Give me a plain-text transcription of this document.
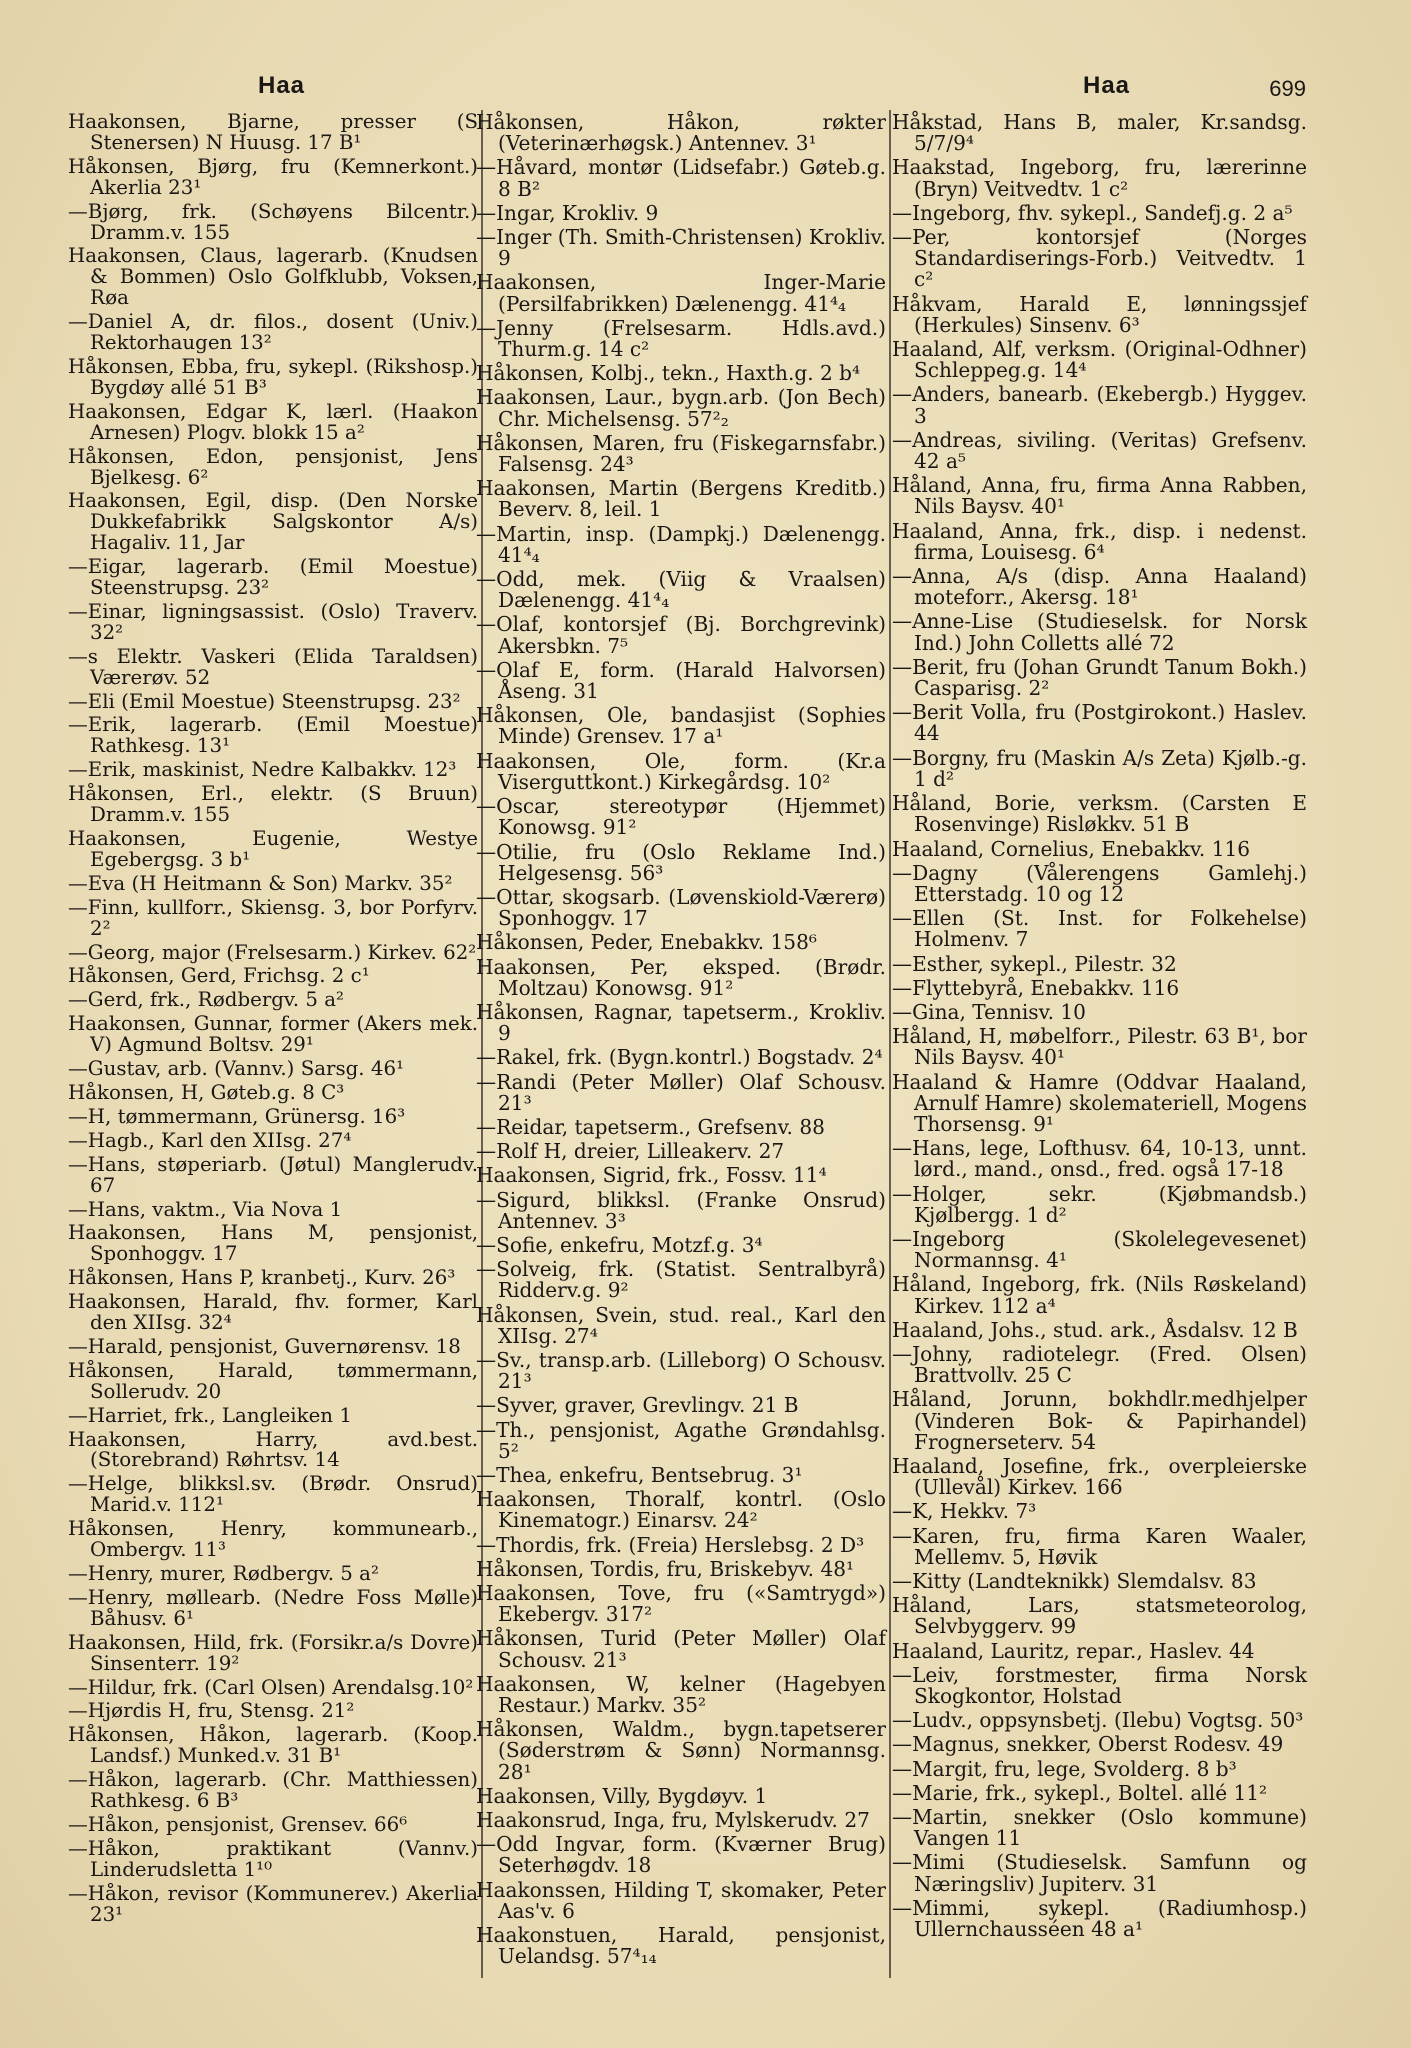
Haa	Haa	699
Haakonsen, Bjarne, presser (S Stenersen) N Huusg. 17 B¹
Håkonsen, Bjørg, fru (Kemnerkont.) Akerlia 23¹
—Bjørg, frk. (Schøyens Bilcentr.) Dramm.v. 155
Haakonsen, Claus, lagerarb. (Knudsen & Bommen) Oslo Golfklubb, Voksen, Røa
—Daniel A, dr. filos., dosent (Univ.) Rektorhaugen 13²
Håkonsen, Ebba, fru, sykepl. (Rikshosp.) Bygdøy allé 51 B³
Haakonsen, Edgar K, lærl. (Haakon Arnesen) Plogv. blokk 15 a²
Håkonsen, Edon, pensjonist, Jens Bjelkesg. 6²
Haakonsen, Egil, disp. (Den Norske Dukkefabrikk Salgskontor A/s) Hagaliv. 11, Jar
—Eigar, lagerarb. (Emil Moestue) Steenstrupsg. 23²
—Einar, ligningsassist. (Oslo) Traverv. 32²
—s Elektr. Vaskeri (Elida Taraldsen) Værerøv. 52
—Eli (Emil Moestue) Steenstrupsg. 23²
—Erik, lagerarb. (Emil Moestue) Rathkesg. 13¹
—Erik, maskinist, Nedre Kalbakkv. 12³
Håkonsen, Erl., elektr. (S Bruun) Dramm.v. 155
Haakonsen, Eugenie, Westye Egebergsg. 3 b¹
—Eva (H Heitmann & Son) Markv. 35²
—Finn, kullforr., Skiensg. 3, bor Porfyrv. 2²
—Georg, major (Frelsesarm.) Kirkev. 62²
Håkonsen, Gerd, Frichsg. 2 c¹
—Gerd, frk., Rødbergv. 5 a²
Haakonsen, Gunnar, former (Akers mek. V) Agmund Boltsv. 29¹
—Gustav, arb. (Vannv.) Sarsg. 46¹
Håkonsen, H, Gøteb.g. 8 C³
—H, tømmermann, Grünersg. 16³
—Hagb., Karl den XIIsg. 27⁴
—Hans, støperiarb. (Jøtul) Manglerudv. 67
—Hans, vaktm., Via Nova 1
Haakonsen, Hans M, pensjonist, Sponhoggv. 17
Håkonsen, Hans P, kranbetj., Kurv. 26³
Haakonsen, Harald, fhv. former, Karl den XIIsg. 32⁴
—Harald, pensjonist, Guvernørensv. 18
Håkonsen, Harald, tømmermann, Sollerudv. 20
—Harriet, frk., Langleiken 1
Haakonsen, Harry, avd.best. (Storebrand) Røhrtsv. 14
—Helge, blikksl.sv. (Brødr. Onsrud) Marid.v. 112¹
Håkonsen, Henry, kommunearb., Ombergv. 11³
—Henry, murer, Rødbergv. 5 a²
—Henry, møllearb. (Nedre Foss Mølle) Båhusv. 6¹
Haakonsen, Hild, frk. (Forsikr.a/s Dovre) Sinsenterr. 19²
—Hildur, frk. (Carl Olsen) Arendalsg.10²
—Hjørdis H, fru, Stensg. 21²
Håkonsen, Håkon, lagerarb. (Koop. Landsf.) Munked.v. 31 B¹
—Håkon, lagerarb. (Chr. Matthiessen) Rathkesg. 6 B³
—Håkon, pensjonist, Grensev. 66⁶
—Håkon, praktikant (Vannv.) Linderudsletta 1¹⁰
—Håkon, revisor (Kommunerev.) Akerlia 23¹
Håkonsen, Håkon, røkter (Veterinærhøgsk.) Antennev. 3¹
—Håvard, montør (Lidsefabr.) Gøteb.g. 8 B²
—Ingar, Krokliv. 9
—Inger (Th. Smith-Christensen) Krokliv. 9
Haakonsen, Inger-Marie (Persilfabrikken) Dælenengg. 41⁴₄
—Jenny (Frelsesarm. Hdls.avd.) Thurm.g. 14 c²
Håkonsen, Kolbj., tekn., Haxth.g. 2 b⁴
Haakonsen, Laur., bygn.arb. (Jon Bech) Chr. Michelsensg. 57²₂
Håkonsen, Maren, fru (Fiskegarnsfabr.) Falsensg. 24³
Haakonsen, Martin (Bergens Kreditb.) Beverv. 8, leil. 1
—Martin, insp. (Dampkj.) Dælenengg. 41⁴₄
—Odd, mek. (Viig & Vraalsen) Dælenengg. 41⁴₄
—Olaf, kontorsjef (Bj. Borchgrevink) Akersbkn. 7⁵
—Olaf E, form. (Harald Halvorsen) Åseng. 31
Håkonsen, Ole, bandasjist (Sophies Minde) Grensev. 17 a¹
Haakonsen, Ole, form. (Kr.a Viserguttkont.) Kirkegårdsg. 10²
—Oscar, stereotypør (Hjemmet) Konowsg. 91²
—Otilie, fru (Oslo Reklame Ind.) Helgesensg. 56³
—Ottar, skogsarb. (Løvenskiold-Værerø) Sponhoggv. 17
Håkonsen, Peder, Enebakkv. 158⁶
Haakonsen, Per, eksped. (Brødr. Moltzau) Konowsg. 91²
Håkonsen, Ragnar, tapetserm., Krokliv. 9
—Rakel, frk. (Bygn.kontrl.) Bogstadv. 2⁴
—Randi (Peter Møller) Olaf Schousv. 21³
—Reidar, tapetserm., Grefsenv. 88
—Rolf H, dreier, Lilleakerv. 27
Haakonsen, Sigrid, frk., Fossv. 11⁴
—Sigurd, blikksl. (Franke Onsrud) Antennev. 3³
—Sofie, enkefru, Motzf.g. 3⁴
—Solveig, frk. (Statist. Sentralbyrå) Ridderv.g. 9²
Håkonsen, Svein, stud. real., Karl den XIIsg. 27⁴
—Sv., transp.arb. (Lilleborg) O Schousv. 21³
—Syver, graver, Grevlingv. 21 B
—Th., pensjonist, Agathe Grøndahlsg. 5²
—Thea, enkefru, Bentsebrug. 3¹
Haakonsen, Thoralf, kontrl. (Oslo Kinematogr.) Einarsv. 24²
—Thordis, frk. (Freia) Herslebsg. 2 D³
Håkonsen, Tordis, fru, Briskebyv. 48¹
Haakonsen, Tove, fru («Samtrygd») Ekebergv. 317²
Håkonsen, Turid (Peter Møller) Olaf Schousv. 21³
Haakonsen, W, kelner (Hagebyen Restaur.) Markv. 35²
Håkonsen, Waldm., bygn.tapetserer (Søderstrøm & Sønn) Normannsg. 28¹
Haakonsen, Villy, Bygdøyv. 1
Haakonsrud, Inga, fru, Mylskerudv. 27
—Odd Ingvar, form. (Kværner Brug) Seterhøgdv. 18
Haakonssen, Hilding T, skomaker, Peter Aas'v. 6
Haakonstuen, Harald, pensjonist, Uelandsg. 57⁴₁₄
Håkstad, Hans B, maler, Kr.sandsg. 5/7/9⁴
Haakstad, Ingeborg, fru, lærerinne (Bryn) Veitvedtv. 1 c²
—Ingeborg, fhv. sykepl., Sandefj.g. 2 a⁵
—Per, kontorsjef (Norges Standardiserings-Forb.) Veitvedtv. 1 c²
Håkvam, Harald E, lønningssjef (Herkules) Sinsenv. 6³
Haaland, Alf, verksm. (Original-Odhner) Schleppeg.g. 14⁴
—Anders, banearb. (Ekebergb.) Hyggev. 3
—Andreas, siviling. (Veritas) Grefsenv. 42 a⁵
Håland, Anna, fru, firma Anna Rabben, Nils Baysv. 40¹
Haaland, Anna, frk., disp. i nedenst. firma, Louisesg. 6⁴
—Anna, A/s (disp. Anna Haaland) moteforr., Akersg. 18¹
—Anne-Lise (Studieselsk. for Norsk Ind.) John Colletts allé 72
—Berit, fru (Johan Grundt Tanum Bokh.) Casparisg. 2²
—Berit Volla, fru (Postgirokont.) Haslev. 44
—Borgny, fru (Maskin A/s Zeta) Kjølb.-g. 1 d²
Håland, Borie, verksm. (Carsten E Rosenvinge) Risløkkv. 51 B
Haaland, Cornelius, Enebakkv. 116
—Dagny (Vålerengens Gamlehj.) Etterstadg. 10 og 12
—Ellen (St. Inst. for Folkehelse) Holmenv. 7
—Esther, sykepl., Pilestr. 32
—Flyttebyrå, Enebakkv. 116
—Gina, Tennisv. 10
Håland, H, møbelforr., Pilestr. 63 B¹, bor Nils Baysv. 40¹
Haaland & Hamre (Oddvar Haaland, Arnulf Hamre) skolemateriell, Mogens Thorsensg. 9¹
—Hans, lege, Lofthusv. 64, 10-13, unnt. lørd., mand., onsd., fred. også 17-18
—Holger, sekr. (Kjøbmandsb.) Kjølbergg. 1 d²
—Ingeborg (Skolelegevesenet) Normannsg. 4¹
Håland, Ingeborg, frk. (Nils Røskeland) Kirkev. 112 a⁴
Haaland, Johs., stud. ark., Åsdalsv. 12 B
—Johny, radiotelegr. (Fred. Olsen) Brattvollv. 25 C
Håland, Jorunn, bokhdlr.medhjelper (Vinderen Bok- & Papirhandel) Frognerseterv. 54
Haaland, Josefine, frk., overpleierske (Ullevål) Kirkev. 166
—K, Hekkv. 7³
—Karen, fru, firma Karen Waaler, Mellemv. 5, Høvik
—Kitty (Landteknikk) Slemdalsv. 83
Håland, Lars, statsmeteorolog, Selvbyggerv. 99
Haaland, Lauritz, repar., Haslev. 44
—Leiv, forstmester, firma Norsk Skogkontor, Holstad
—Ludv., oppsynsbetj. (Ilebu) Vogtsg. 50³
—Magnus, snekker, Oberst Rodesv. 49
—Margit, fru, lege, Svolderg. 8 b³
—Marie, frk., sykepl., Boltel. allé 11²
—Martin, snekker (Oslo kommune) Vangen 11
—Mimi (Studieselsk. Samfunn og Næringsliv) Jupiterv. 31
—Mimmi, sykepl. (Radiumhosp.) Ullernchausséen 48 a¹
